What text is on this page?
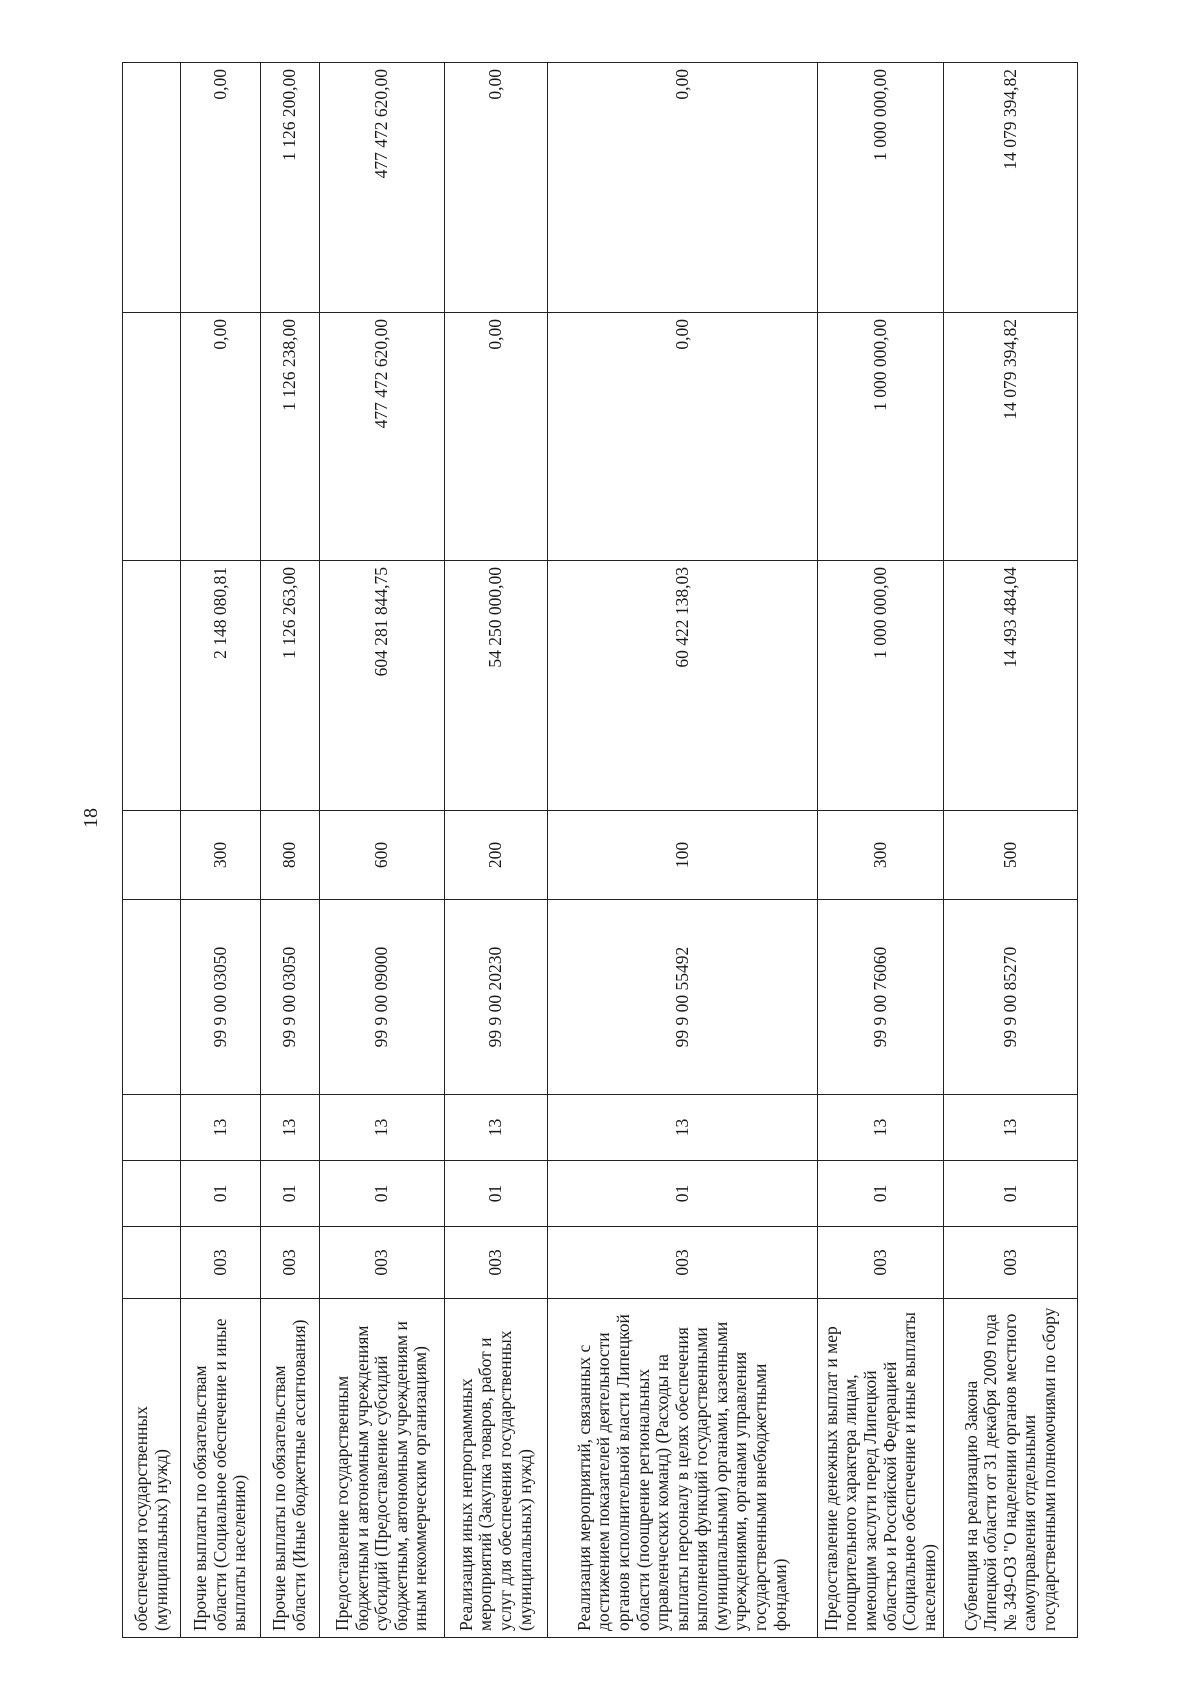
18
обеспечения государственных (муниципальных) нужд)								
Прочие выплаты по обязательствам области (Социальное обеспечение и иные выплаты населению)	003	01	13	99 9 00 03050	300	2 148 080,81	0,00	0,00
Прочие выплаты по обязательствам области (Иные бюджетные ассигнования)	003	01	13	99 9 00 03050	800	1 126 263,00	1 126 238,00	1 126 200,00
Предоставление государственным бюджетным и автономным учреждениям субсидий (Предоставление субсидий бюджетным, автономным учреждениям и иным некоммерческим организациям)	003	01	13	99 9 00 09000	600	604 281 844,75	477 472 620,00	477 472 620,00
Реализация иных непрограммных мероприятий (Закупка товаров, работ и услуг для обеспечения государственных (муниципальных) нужд)	003	01	13	99 9 00 20230	200	54 250 000,00	0,00	0,00
Реализация мероприятий, связанных с достижением показателей деятельности органов исполнительной власти Липецкой области (поощрение региональных управленческих команд) (Расходы на выплаты персоналу в целях обеспечения выполнения функций государственными (муниципальными) органами, казенными учреждениями, органами управления государственными внебюджетными фондами)	003	01	13	99 9 00 55492	100	60 422 138,03	0,00	0,00
Предоставление денежных выплат и мер поощрительного характера лицам, имеющим заслуги перед Липецкой областью и Российской Федерацией (Социальное обеспечение и иные выплаты населению)	003	01	13	99 9 00 76060	300	1 000 000,00	1 000 000,00	1 000 000,00
Субвенция на реализацию Закона Липецкой области от 31 декабря 2009 года № 349-ОЗ "О наделении органов местного самоуправления отдельными государственными полномочиями по сбору	003	01	13	99 9 00 85270	500	14 493 484,04	14 079 394,82	14 079 394,82
